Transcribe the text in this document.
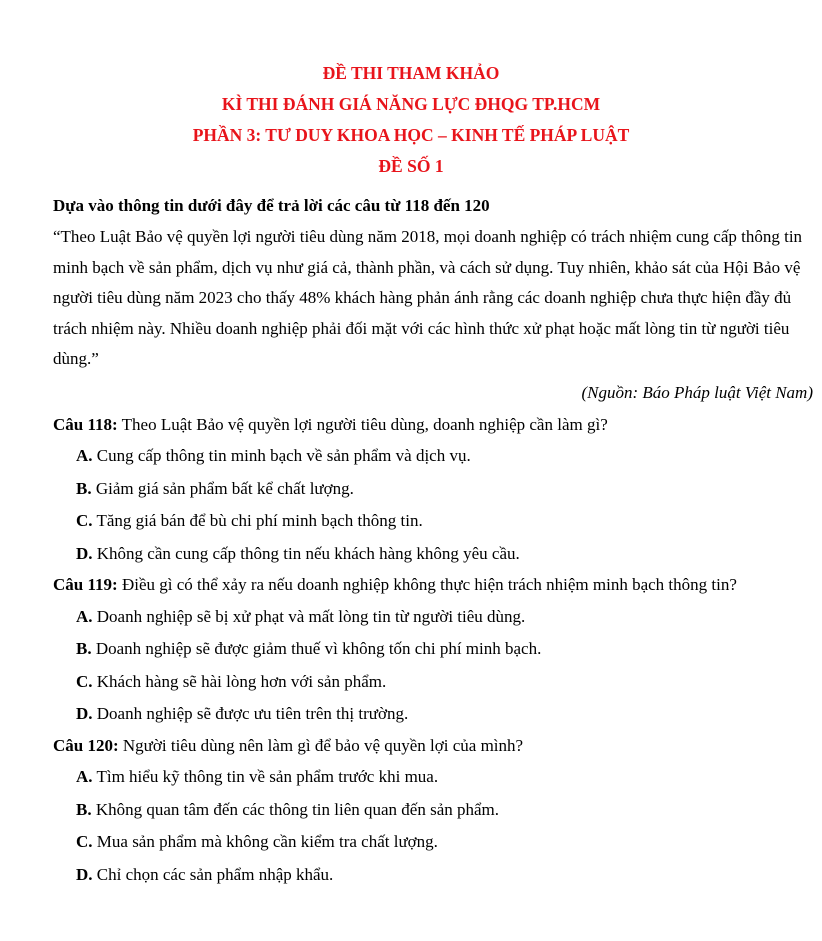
ĐỀ THI THAM KHẢO
KÌ THI ĐÁNH GIÁ NĂNG LỰC ĐHQG TP.HCM
PHẦN 3: TƯ DUY KHOA HỌC – KINH TẾ PHÁP LUẬT
ĐỀ SỐ 1
Dựa vào thông tin dưới đây để trả lời các câu từ 118 đến 120
“Theo Luật Bảo vệ quyền lợi người tiêu dùng năm 2018, mọi doanh nghiệp có trách nhiệm cung cấp thông tin minh bạch về sản phẩm, dịch vụ như giá cả, thành phần, và cách sử dụng. Tuy nhiên, khảo sát của Hội Bảo vệ người tiêu dùng năm 2023 cho thấy 48% khách hàng phản ánh rằng các doanh nghiệp chưa thực hiện đầy đủ trách nhiệm này. Nhiều doanh nghiệp phải đối mặt với các hình thức xử phạt hoặc mất lòng tin từ người tiêu dùng.”
(Nguồn: Báo Pháp luật Việt Nam)
Câu 118: Theo Luật Bảo vệ quyền lợi người tiêu dùng, doanh nghiệp cần làm gì?
A. Cung cấp thông tin minh bạch về sản phẩm và dịch vụ.
B. Giảm giá sản phẩm bất kể chất lượng.
C. Tăng giá bán để bù chi phí minh bạch thông tin.
D. Không cần cung cấp thông tin nếu khách hàng không yêu cầu.
Câu 119: Điều gì có thể xảy ra nếu doanh nghiệp không thực hiện trách nhiệm minh bạch thông tin?
A. Doanh nghiệp sẽ bị xử phạt và mất lòng tin từ người tiêu dùng.
B. Doanh nghiệp sẽ được giảm thuế vì không tốn chi phí minh bạch.
C. Khách hàng sẽ hài lòng hơn với sản phẩm.
D. Doanh nghiệp sẽ được ưu tiên trên thị trường.
Câu 120: Người tiêu dùng nên làm gì để bảo vệ quyền lợi của mình?
A. Tìm hiểu kỹ thông tin về sản phẩm trước khi mua.
B. Không quan tâm đến các thông tin liên quan đến sản phẩm.
C. Mua sản phẩm mà không cần kiểm tra chất lượng.
D. Chỉ chọn các sản phẩm nhập khẩu.
